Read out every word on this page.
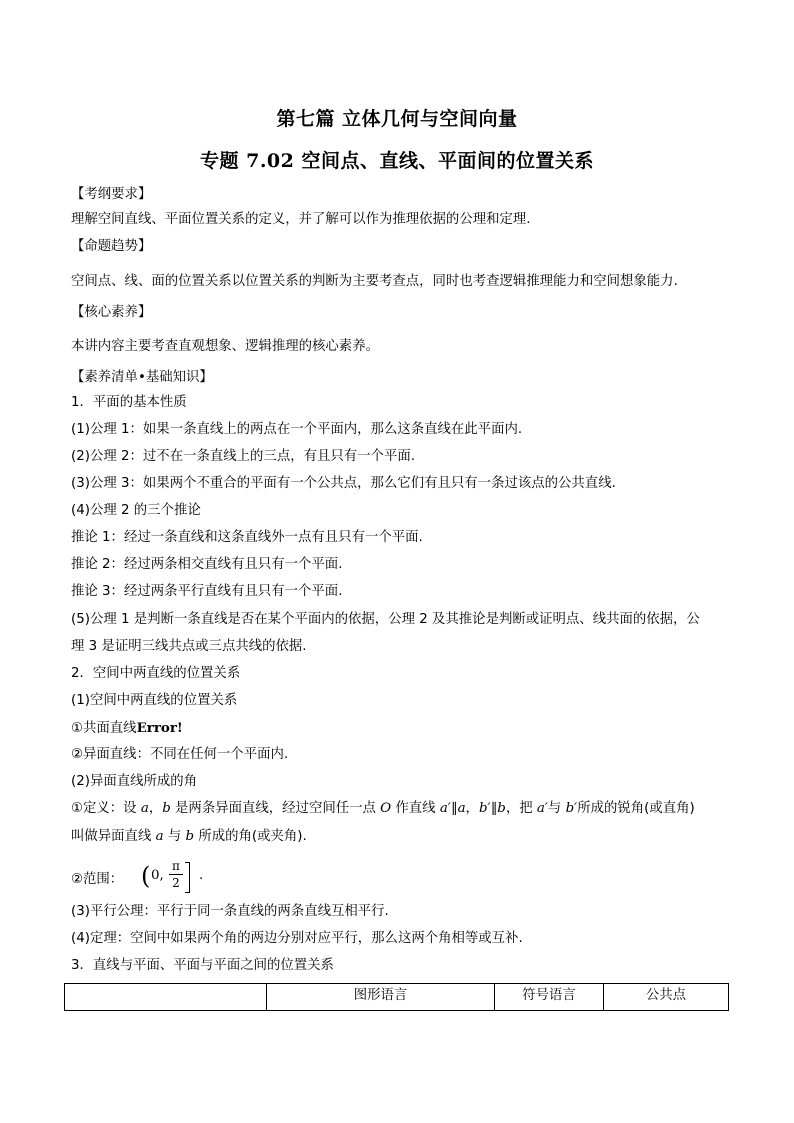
第七篇 立体几何与空间向量
专题 7.02 空间点、直线、平面间的位置关系
【考纲要求】
理解空间直线、平面位置关系的定义，并了解可以作为推理依据的公理和定理.
【命题趋势】
空间点、线、面的位置关系以位置关系的判断为主要考查点，同时也考查逻辑推理能力和空间想象能力.
【核心素养】
本讲内容主要考查直观想象、逻辑推理的核心素养。
【素养清单•基础知识】
1．平面的基本性质
(1)公理 1：如果一条直线上的两点在一个平面内，那么这条直线在此平面内.
(2)公理 2：过不在一条直线上的三点，有且只有一个平面.
(3)公理 3：如果两个不重合的平面有一个公共点，那么它们有且只有一条过该点的公共直线.
(4)公理 2 的三个推论
推论 1：经过一条直线和这条直线外一点有且只有一个平面.
推论 2：经过两条相交直线有且只有一个平面.
推论 3：经过两条平行直线有且只有一个平面.
(5)公理 1 是判断一条直线是否在某个平面内的依据，公理 2 及其推论是判断或证明点、线共面的依据，公
理 3 是证明三线共点或三点共线的依据.
2．空间中两直线的位置关系
(1)空间中两直线的位置关系
①共面直线Error!
②异面直线：不同在任何一个平面内.
(2)异面直线所成的角
①定义：设 a，b 是两条异面直线，经过空间任一点 O 作直线 a′∥a，b′∥b，把 a′与 b′所成的锐角(或直角)
叫做异面直线 a 与 b 所成的角(或夹角).
②范围： ( 0,
π
2 .
(3)平行公理：平行于同一条直线的两条直线互相平行.
(4)定理：空间中如果两个角的两边分别对应平行，那么这两个角相等或互补.
3．直线与平面、平面与平面之间的位置关系
	图形语言	符号语言	公共点
